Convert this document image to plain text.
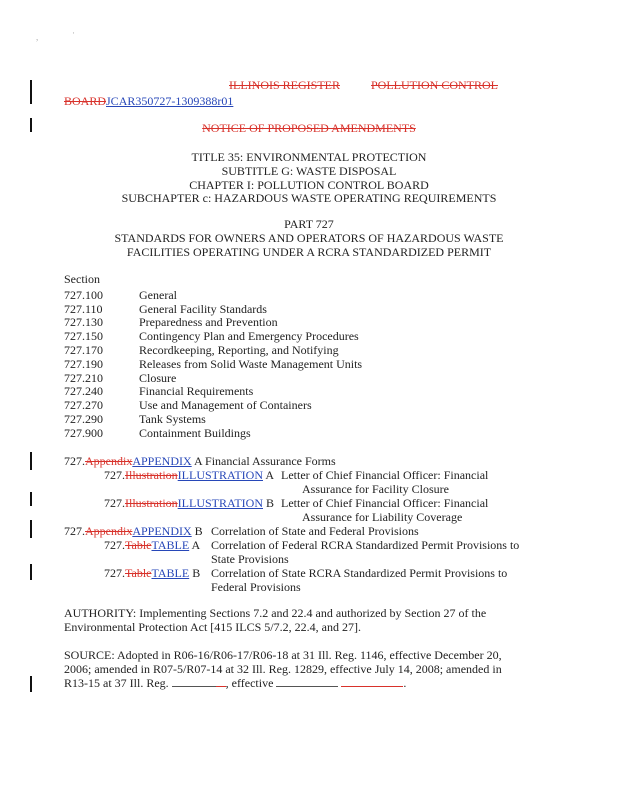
,	·
ILLINOIS REGISTER	POLLUTION CONTROL
BOARDJCAR350727-1309388r01
NOTICE OF PROPOSED AMENDMENTS
TITLE 35: ENVIRONMENTAL PROTECTION
SUBTITLE G: WASTE DISPOSAL
CHAPTER I: POLLUTION CONTROL BOARD
SUBCHAPTER c: HAZARDOUS WASTE OPERATING REQUIREMENTS
PART 727
STANDARDS FOR OWNERS AND OPERATORS OF HAZARDOUS WASTE
FACILITIES OPERATING UNDER A RCRA STANDARDIZED PERMIT
Section
727.100	General
727.110	General Facility Standards
727.130	Preparedness and Prevention
727.150	Contingency Plan and Emergency Procedures
727.170	Recordkeeping, Reporting, and Notifying
727.190	Releases from Solid Waste Management Units
727.210	Closure
727.240	Financial Requirements
727.270	Use and Management of Containers
727.290	Tank Systems
727.900	Containment Buildings
727.AppendixAPPENDIX A Financial Assurance Forms
727.IllustrationILLUSTRATION A Letter of Chief Financial Officer: Financial
Assurance for Facility Closure
727.IllustrationILLUSTRATION B Letter of Chief Financial Officer: Financial
Assurance for Liability Coverage
727.AppendixAPPENDIX B Correlation of State and Federal Provisions
727.TableTABLE A Correlation of Federal RCRA Standardized Permit Provisions to
State Provisions
727.TableTABLE B Correlation of State RCRA Standardized Permit Provisions to
Federal Provisions
AUTHORITY: Implementing Sections 7.2 and 22.4 and authorized by Section 27 of the
Environmental Protection Act [415 ILCS 5/7.2, 22.4, and 27].
SOURCE: Adopted in R06-16/R06-17/R06-18 at 31 Ill. Reg. 1146, effective December 20,
2006; amended in R07-5/R07-14 at 32 Ill. Reg. 12829, effective July 14, 2008; amended in
R13-15 at 37 Ill. Reg.	, effective	.
